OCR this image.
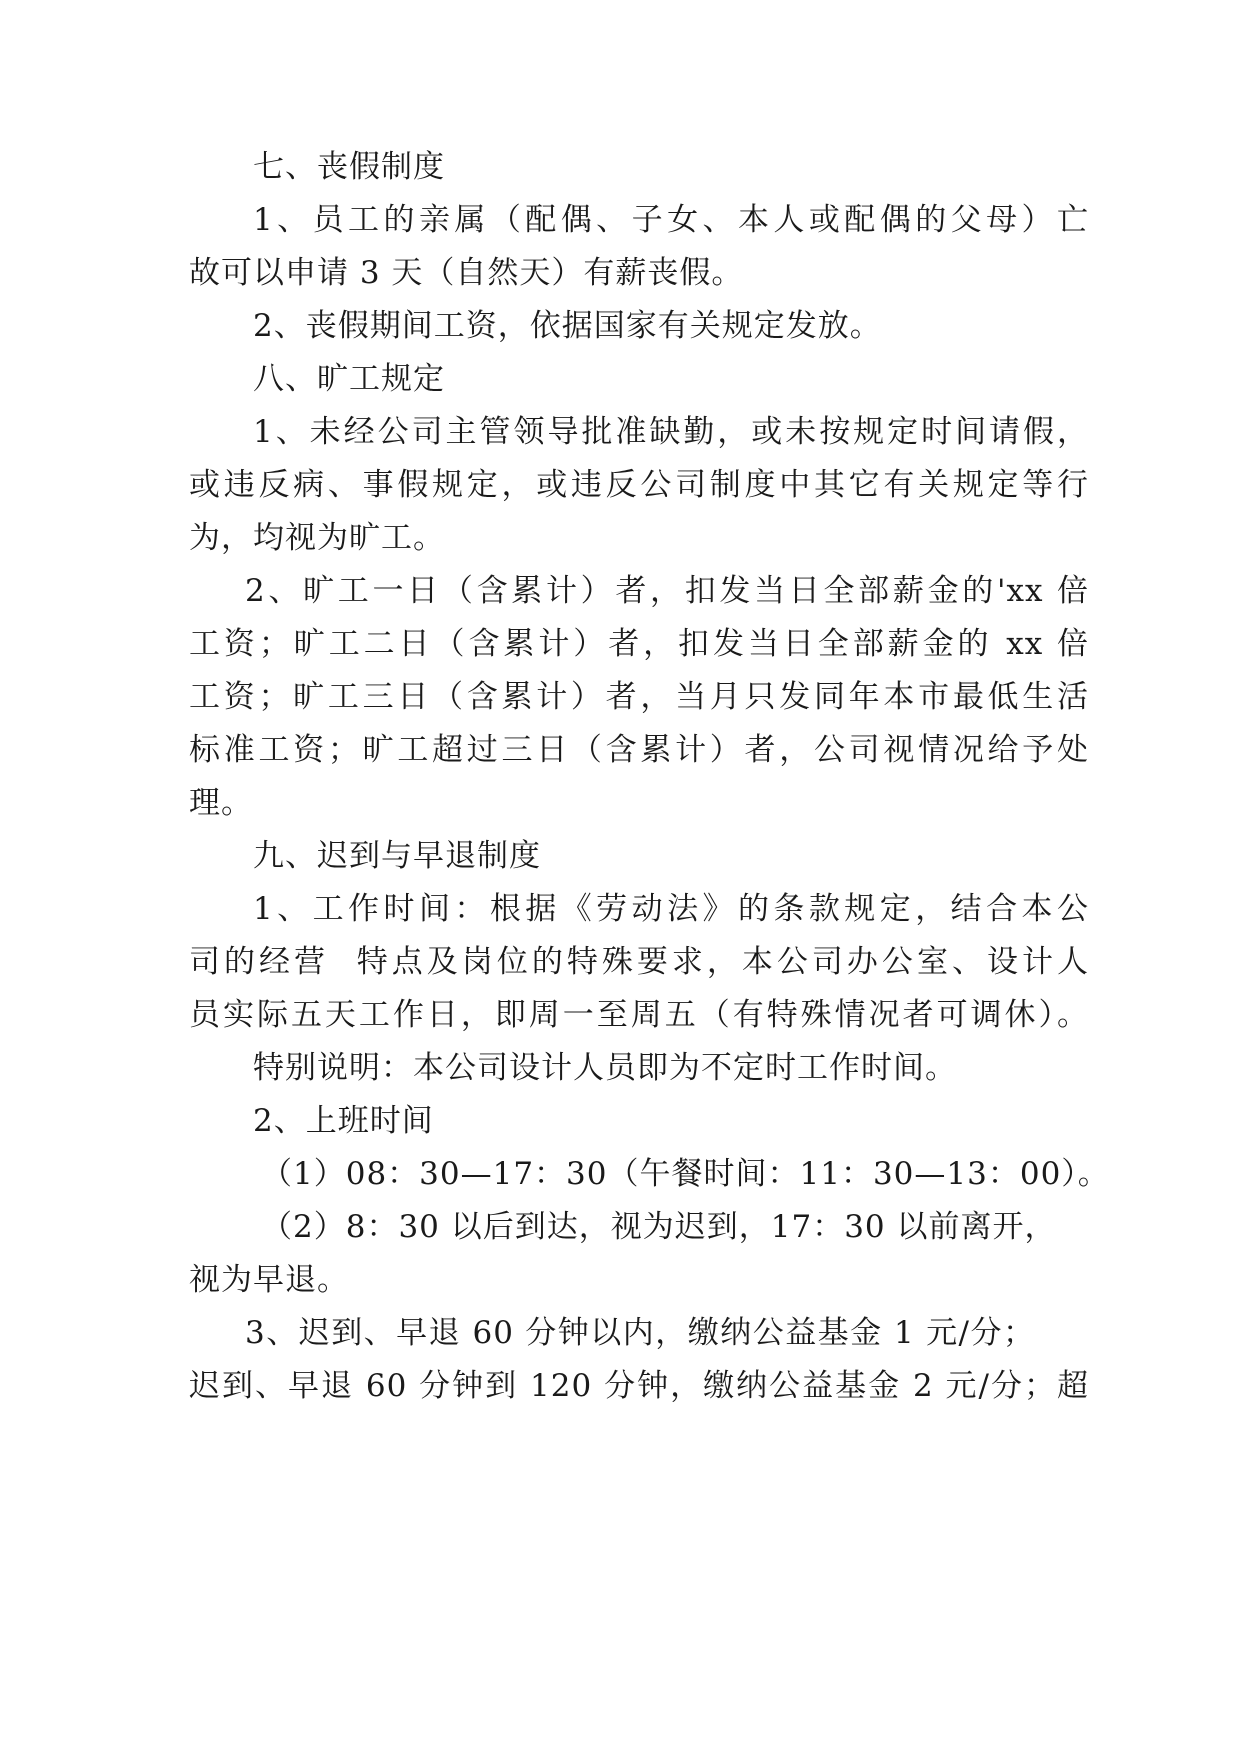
七、丧假制度
1、员工的亲属（配偶、子女、本人或配偶的父母）亡
故可以申请 3 天（自然天）有薪丧假。
2、丧假期间工资，依据国家有关规定发放。
八、旷工规定
1、未经公司主管领导批准缺勤，或未按规定时间请假，
或违反病、事假规定，或违反公司制度中其它有关规定等行
为，均视为旷工。
2、旷工一日（含累计）者，扣发当日全部薪金的'xx 倍
工资；旷工二日（含累计）者，扣发当日全部薪金的 xx 倍
工资；旷工三日（含累计）者，当月只发同年本市最低生活
标准工资；旷工超过三日（含累计）者，公司视情况给予处
理。
九、迟到与早退制度
1、工作时间：根据《劳动法》的条款规定，结合本公
司的经营  特点及岗位的特殊要求，本公司办公室、设计人
员实际五天工作日，即周一至周五（有特殊情况者可调休）。
特别说明：本公司设计人员即为不定时工作时间。
2、上班时间
（1）08：30—17：30（午餐时间：11：30—13：00）。
（2）8：30 以后到达，视为迟到，17：30 以前离开，
视为早退。
3、迟到、早退 60 分钟以内，缴纳公益基金 1 元/分；
迟到、早退 60 分钟到 120 分钟，缴纳公益基金 2 元/分；超
